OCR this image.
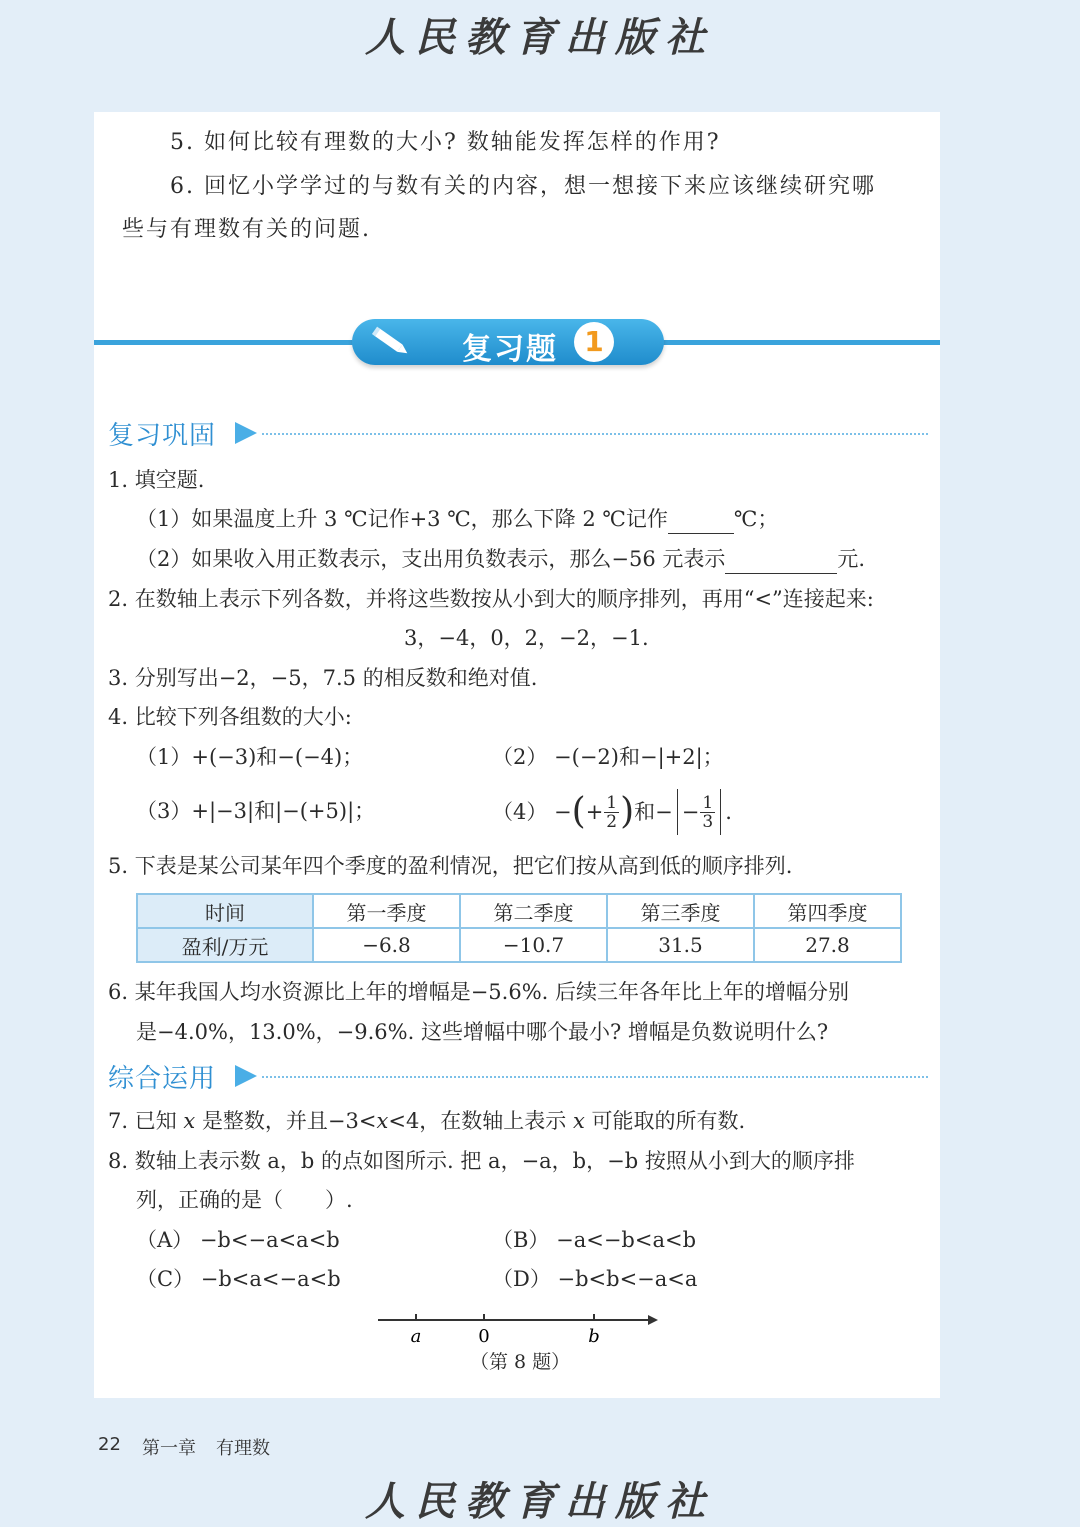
人民教育出版社
5. 如何比较有理数的大小? 数轴能发挥怎样的作用?
6. 回忆小学学过的与数有关的内容，想一想接下来应该继续研究哪
些与有理数有关的问题.
复习题 1
复习巩固
1. 填空题.
（1）如果温度上升 3 ℃记作+3 ℃，那么下降 2 ℃记作	℃；
（2）如果收入用正数表示，支出用负数表示，那么−56 元表示	元.
2. 在数轴上表示下列各数，并将这些数按从小到大的顺序排列，再用“<”连接起来:
3，−4，0，2，−2，−1.
3. 分别写出−2，−5，7.5 的相反数和绝对值.
4. 比较下列各组数的大小:
（1）+(−3)和−(−4)；	（2） −(−2)和−|+2|；
（3）+|−3|和|−(+5)|；	（4） − ( + $\frac{1}{2}$ ) 和− − $\frac{1}{3}$ .
5. 下表是某公司某年四个季度的盈利情况，把它们按从高到低的顺序排列.
时间	第一季度	第二季度	第三季度	第四季度
盈利/万元	−6.8	−10.7	31.5	27.8
6. 某年我国人均水资源比上年的增幅是−5.6%. 后续三年各年比上年的增幅分别
是−4.0%，13.0%，−9.6%. 这些增幅中哪个最小? 增幅是负数说明什么?
综合运用
7. 已知 x 是整数，并且−3<x<4，在数轴上表示 x 可能取的所有数.
8. 数轴上表示数 a，b 的点如图所示. 把 a，−a，b，−b 按照从小到大的顺序排
列，正确的是（　　）.
（A） −b<−a<a<b	（B） −a<−b<a<b
（C） −b<a<−a<b	（D） −b<b<−a<a
a	0	b
（第 8 题）
22 第一章 有理数
人民教育出版社
